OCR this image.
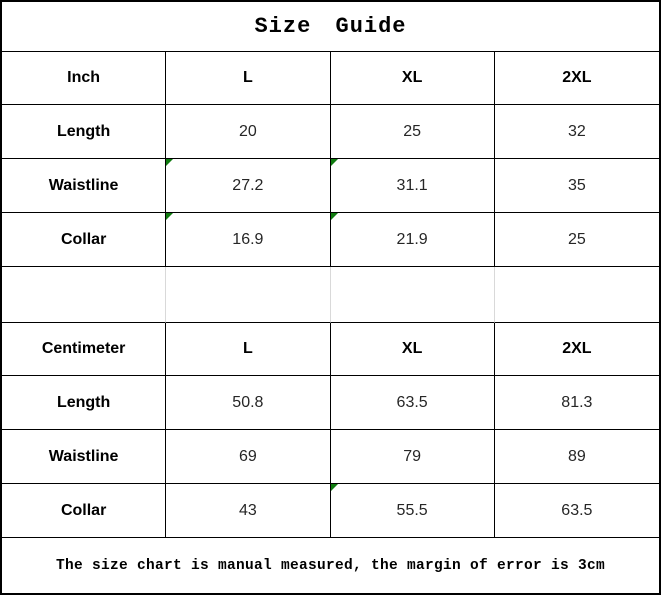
Size Guide			
Inch	L	XL	2XL
Length	20	25	32
Waistline	27.2	31.1	35
Collar	16.9	21.9	25

Centimeter	L	XL	2XL
Length	50.8	63.5	81.3
Waistline	69	79	89
Collar	43	55.5	63.5
The size chart is manual measured, the margin of error is 3cm			
